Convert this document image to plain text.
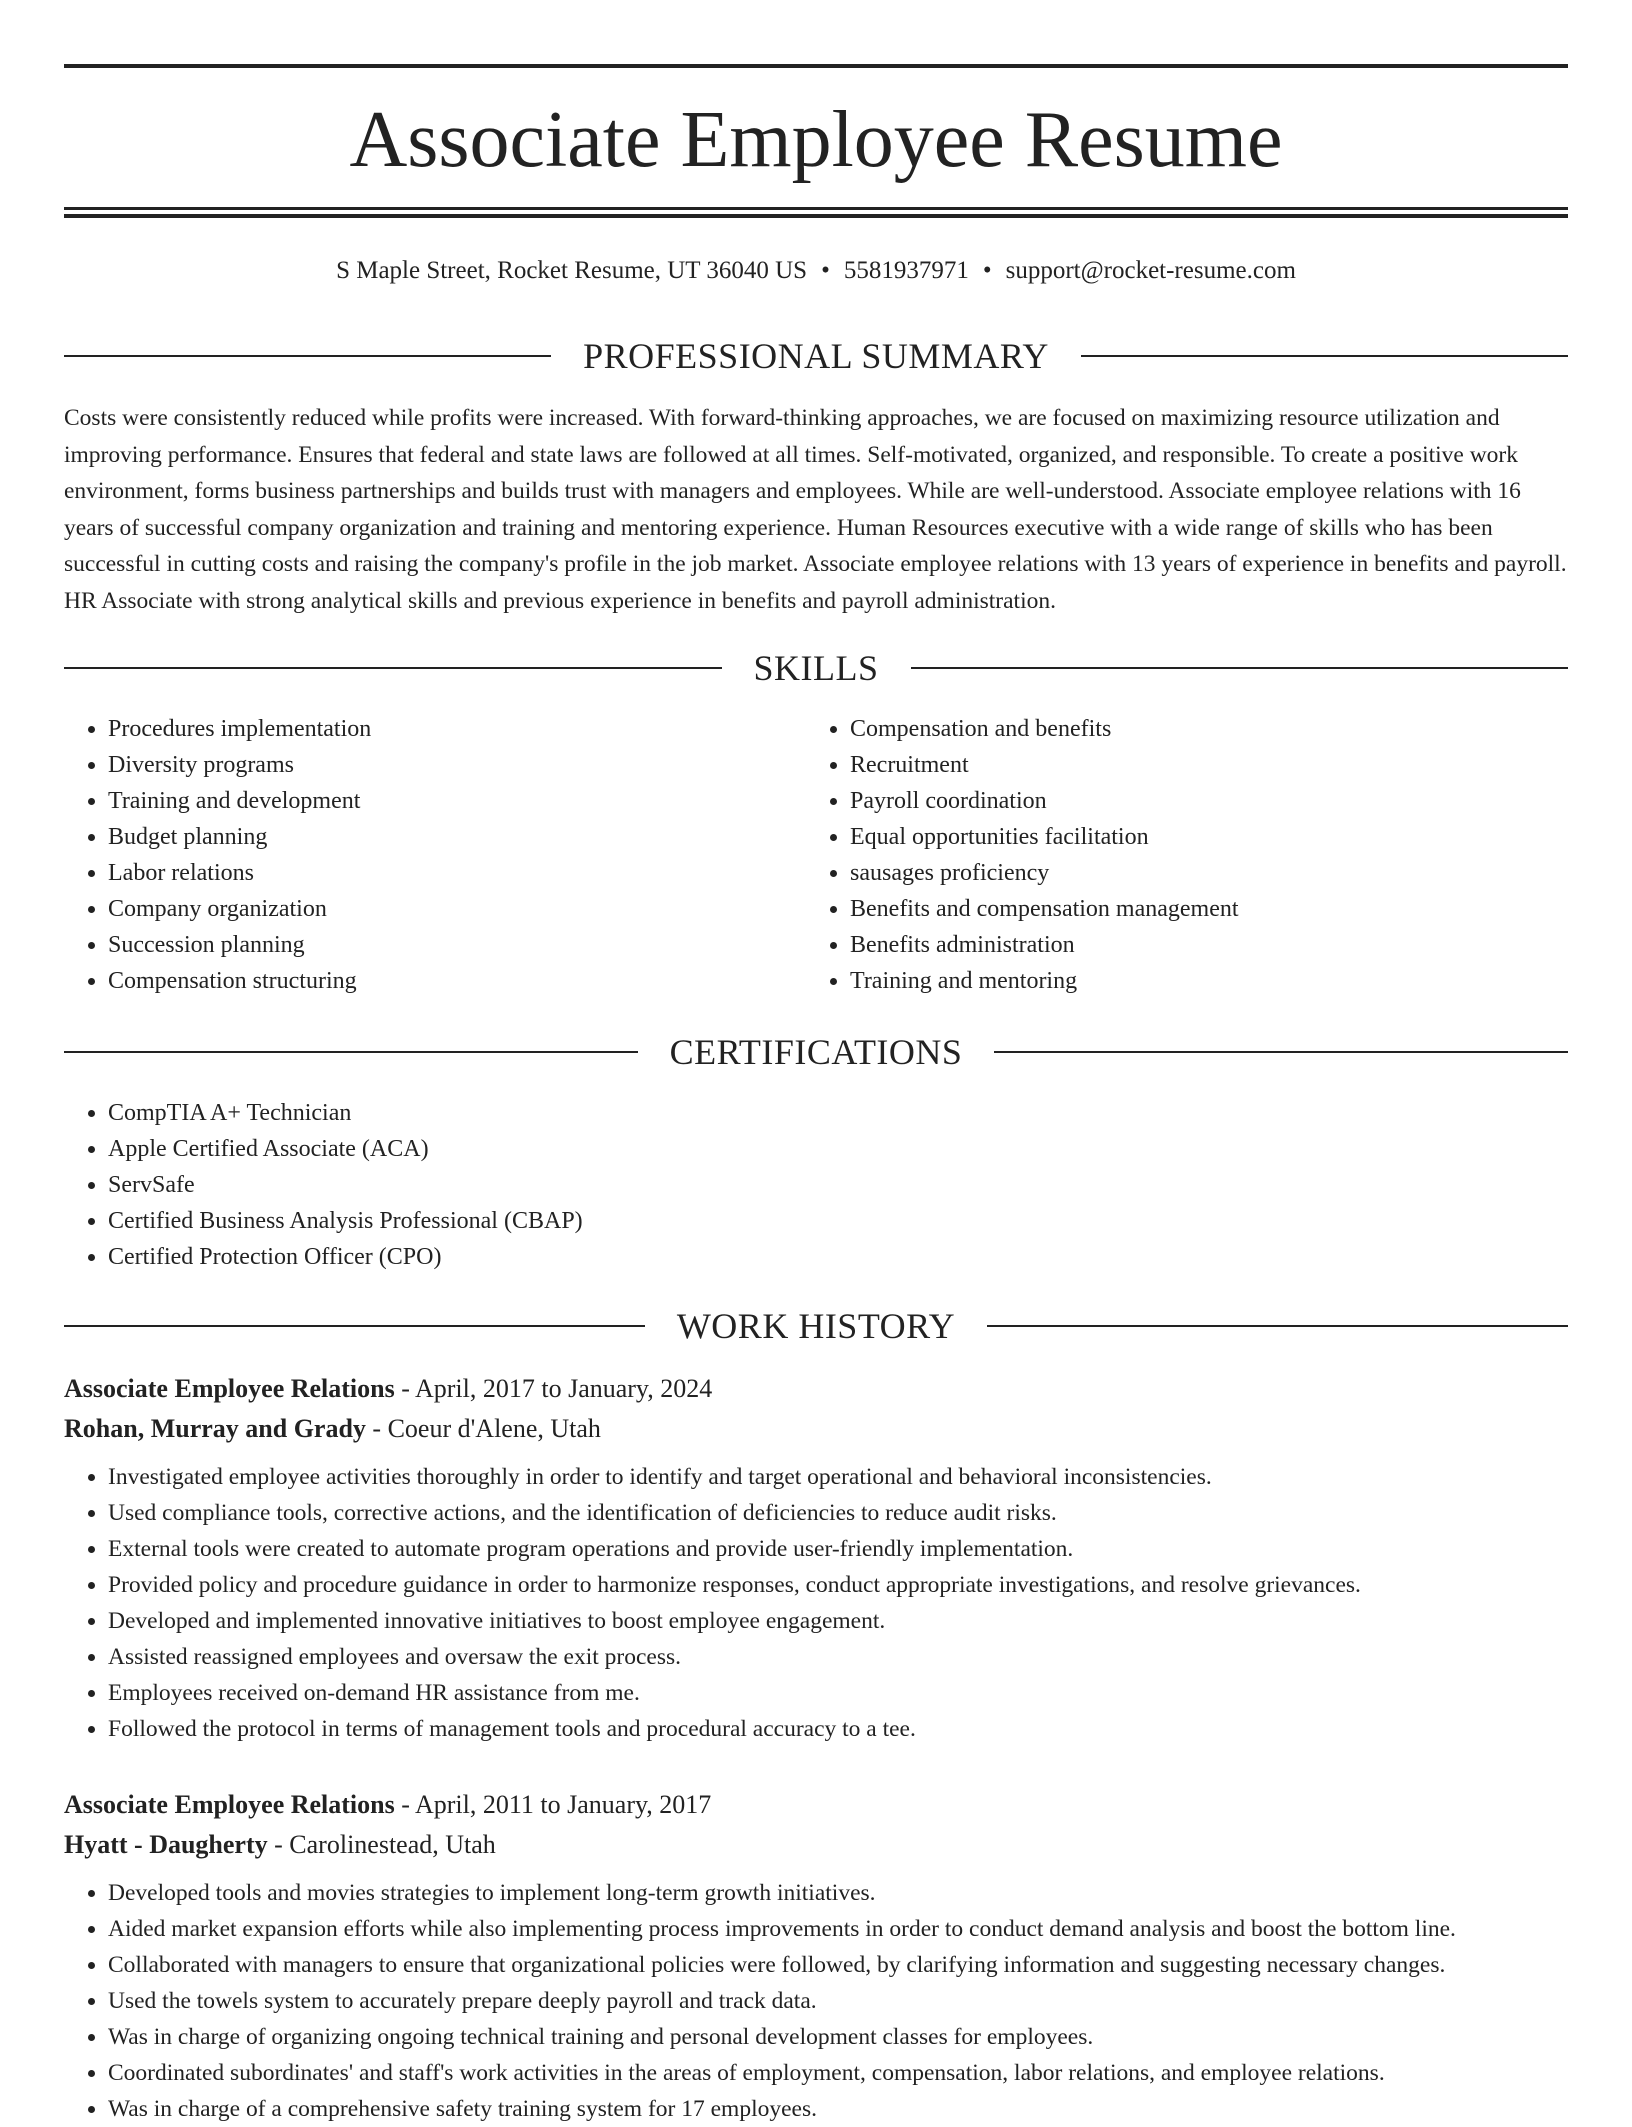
Associate Employee Resume
S Maple Street, Rocket Resume, UT 36040 US • 5581937971 • support@rocket-resume.com
PROFESSIONAL SUMMARY

Costs were consistently reduced while profits were increased. With forward-thinking approaches, we are focused on maximizing resource utilization and improving performance. Ensures that federal and state laws are followed at all times. Self-motivated, organized, and responsible. To create a positive work environment, forms business partnerships and builds trust with managers and employees. While are well-understood. Associate employee relations with 16 years of successful company organization and training and mentoring experience. Human Resources executive with a wide range of skills who has been successful in cutting costs and raising the company's profile in the job market. Associate employee relations with 13 years of experience in benefits and payroll. HR Associate with strong analytical skills and previous experience in benefits and payroll administration.

SKILLS
• Procedures implementation
• Diversity programs
• Training and development
• Budget planning
• Labor relations
• Company organization
• Succession planning
• Compensation structuring
• Compensation and benefits
• Recruitment
• Payroll coordination
• Equal opportunities facilitation
• sausages proficiency
• Benefits and compensation management
• Benefits administration
• Training and mentoring
CERTIFICATIONS
• CompTIA A+ Technician
• Apple Certified Associate (ACA)
• ServSafe
• Certified Business Analysis Professional (CBAP)
• Certified Protection Officer (CPO)
WORK HISTORY
Associate Employee Relations - April, 2017 to January, 2024
Rohan, Murray and Grady - Coeur d'Alene, Utah
• Investigated employee activities thoroughly in order to identify and target operational and behavioral inconsistencies.
• Used compliance tools, corrective actions, and the identification of deficiencies to reduce audit risks.
• External tools were created to automate program operations and provide user-friendly implementation.
• Provided policy and procedure guidance in order to harmonize responses, conduct appropriate investigations, and resolve grievances.
• Developed and implemented innovative initiatives to boost employee engagement.
• Assisted reassigned employees and oversaw the exit process.
• Employees received on-demand HR assistance from me.
• Followed the protocol in terms of management tools and procedural accuracy to a tee.
Associate Employee Relations - April, 2011 to January, 2017
Hyatt - Daugherty - Carolinestead, Utah
• Developed tools and movies strategies to implement long-term growth initiatives.
• Aided market expansion efforts while also implementing process improvements in order to conduct demand analysis and boost the bottom line.
• Collaborated with managers to ensure that organizational policies were followed, by clarifying information and suggesting necessary changes.
• Used the towels system to accurately prepare deeply payroll and track data.
• Was in charge of organizing ongoing technical training and personal development classes for employees.
• Coordinated subordinates' and staff's work activities in the areas of employment, compensation, labor relations, and employee relations.
• Was in charge of a comprehensive safety training system for 17 employees.
